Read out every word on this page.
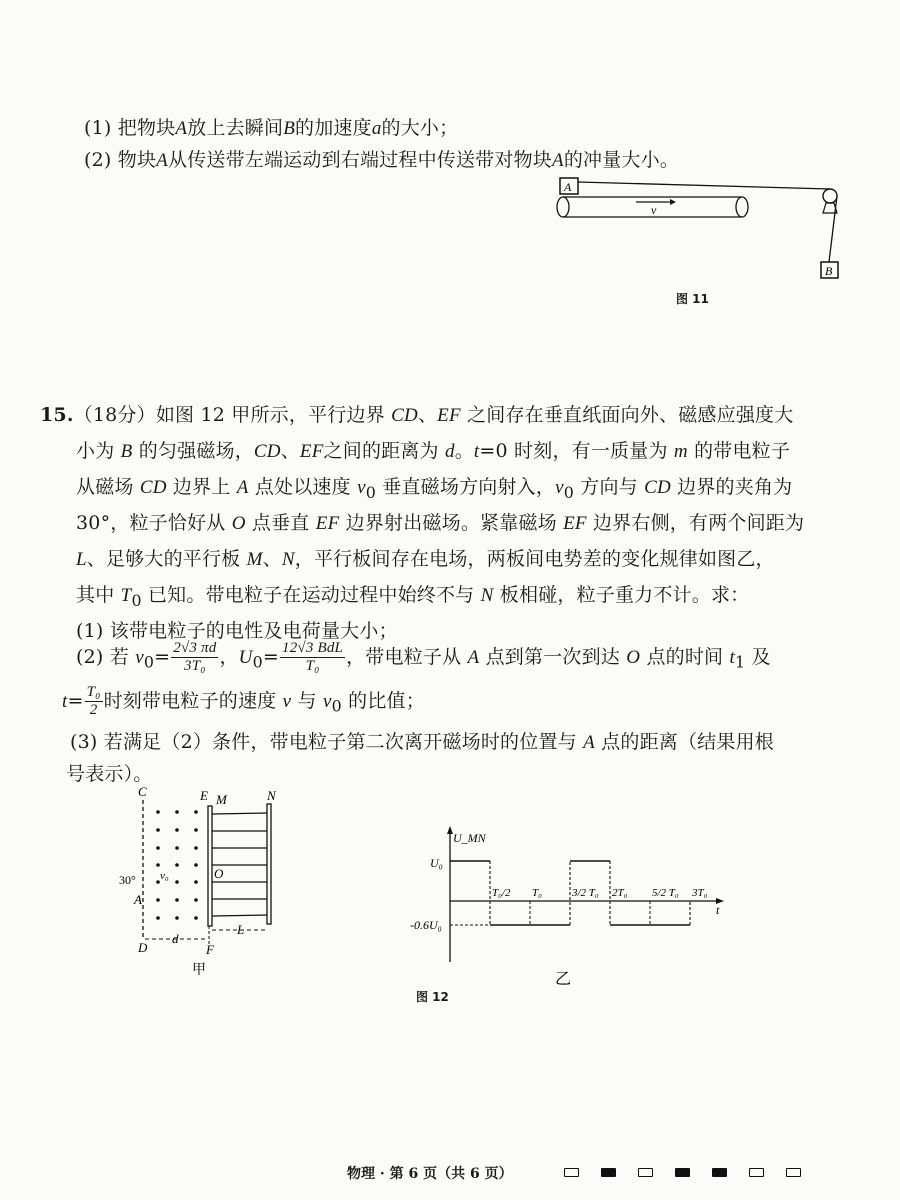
(1) 把物块A放上去瞬间B的加速度a的大小；
(2) 物块A从传送带左端运动到右端过程中传送带对物块A的冲量大小。
A
v
B
图 11
15.（18分）如图 12 甲所示，平行边界 CD、EF 之间存在垂直纸面向外、磁感应强度大
小为 B 的匀强磁场，CD、EF之间的距离为 d。t=0 时刻，有一质量为 m 的带电粒子
从磁场 CD 边界上 A 点处以速度 $v_0$ 垂直磁场方向射入，$v_0$ 方向与 CD 边界的夹角为
30°，粒子恰好从 O 点垂直 EF 边界射出磁场。紧靠磁场 EF 边界右侧，有两个间距为
L、足够大的平行板 M、N，平行板间存在电场，两板间电势差的变化规律如图乙，
其中 $T_0$ 已知。带电粒子在运动过程中始终不与 N 板相碰，粒子重力不计。求：
(1) 该带电粒子的电性及电荷量大小；
(2) 若 $v_0= \frac{2√3 \pi d}{\text{3T₀}}$ ，$U_0= \frac{\text{12√3 BdL}}{\text{T₀}}$ ，带电粒子从 A 点到第一次到达 O 点的时间 $t_1$ 及
$t= \frac{\text{T₀}}{2}$ 时刻带电粒子的速度 v 与 $v_0$ 的比值；
(3) 若满足（2）条件，带电粒子第二次离开磁场时的位置与 A 点的距离（结果用根
号表示）。
C
D
30°
A
v₀
E M	N
O
d
F
L
甲
U_MN
t
U₀
-0.6U₀
T₀/2 T₀	3/2 T₀ 2T₀ 5/2 T₀ 3T₀
乙
图 12
物理 · 第 6 页（共 6 页）
